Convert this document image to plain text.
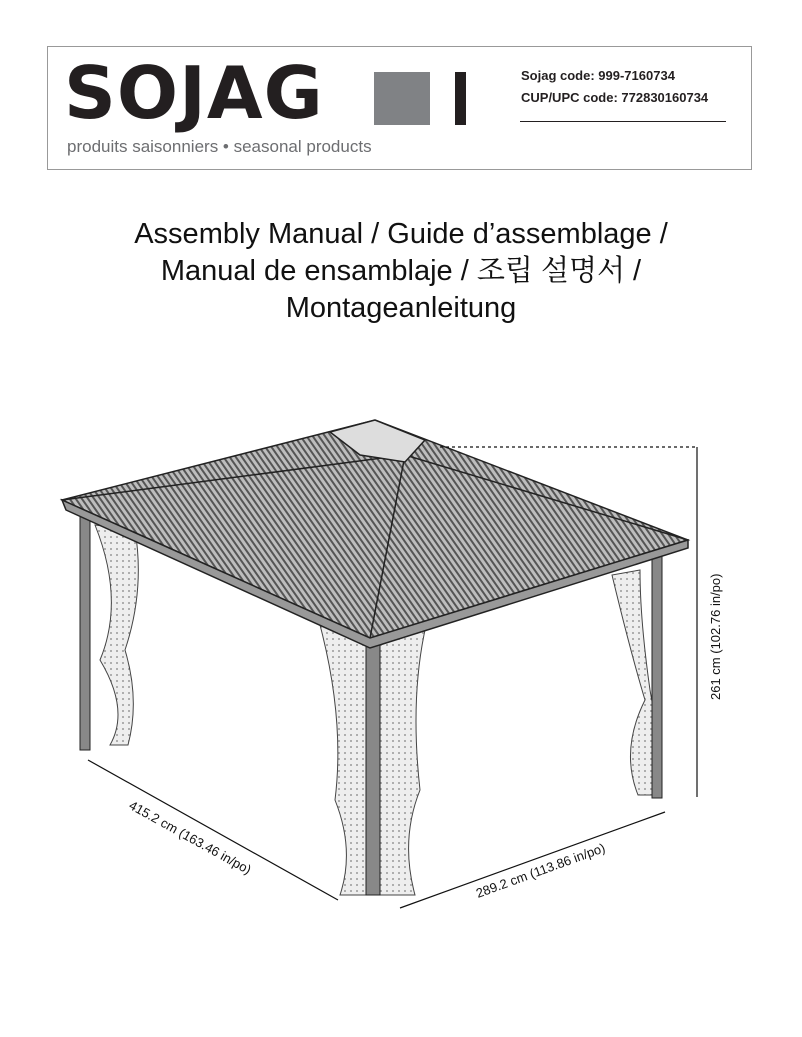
SOJAG
produits saisonniers • seasonal products
Sojag code: 999-7160734
CUP/UPC code: 772830160734
Assembly Manual / Guide d’assemblage /
Manual de ensamblaje / 조립 설명서 /
Montageanleitung
261 cm (102.76 in/po)
415.2 cm (163.46 in/po)	289.2 cm (113.86 in/po)
